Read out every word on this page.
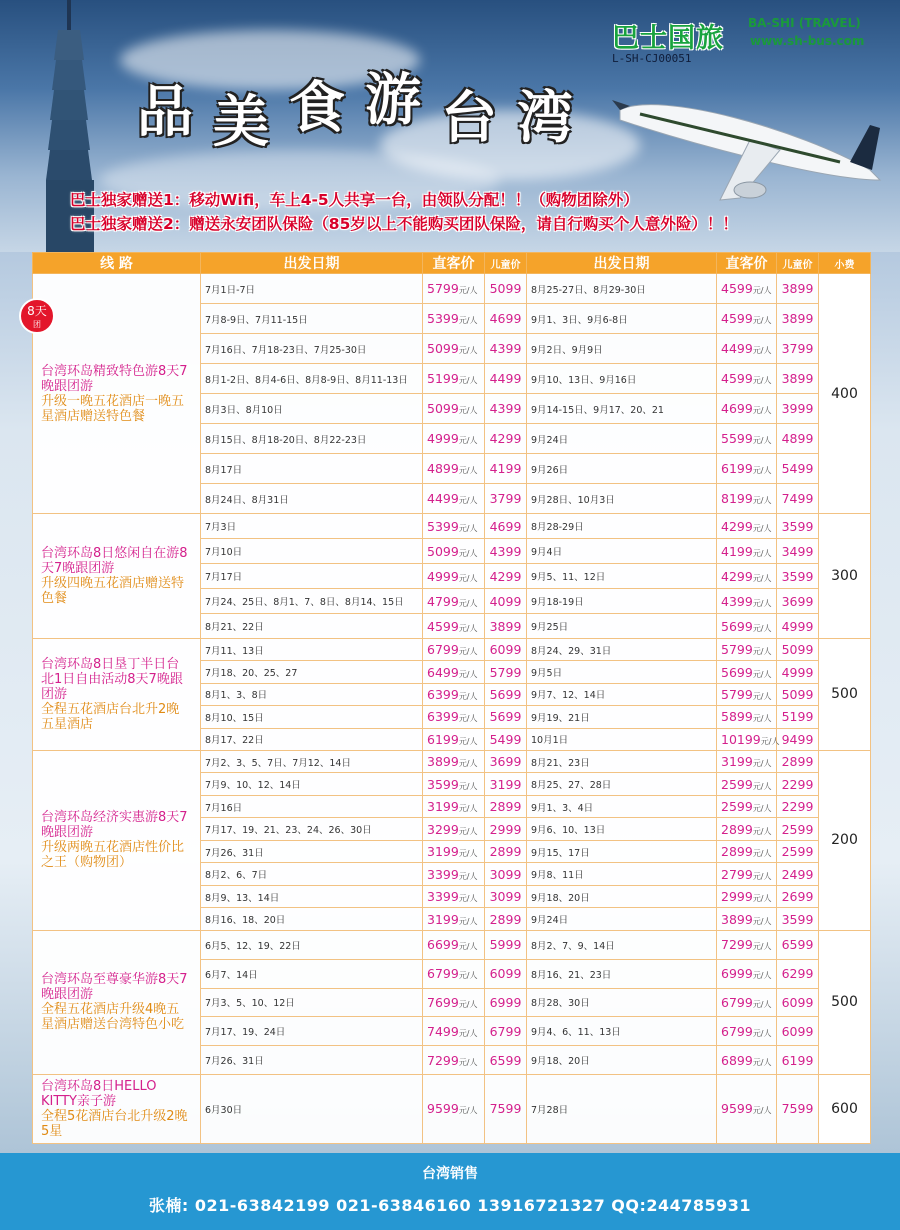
巴士国旅 BA-SHI (TRAVEL)
www.sh-bus.com
L-SH-CJ00051
品 美 食 游 台 湾
巴士独家赠送1：移动Wifi，车上4-5人共享一台，由领队分配！！（购物团除外）
巴士独家赠送2：赠送永安团队保险（85岁以上不能购买团队保险，请自行购买个人意外险）！！
线 路	出发日期	直客价	儿童价	出发日期	直客价	儿童价	小费

8天
团
台湾环岛精致特色游8天7晚跟团游
升级一晚五花酒店一晚五星酒店赠送特色餐	7月1日-7日	5799元/人	5099	8月25-27日、8月29-30日	4599元/人	3899	400
	7月8-9日、7月11-15日	5399元/人	4699	9月1、3日、9月6-8日	4599元/人	3899	
	7月16日、7月18-23日、7月25-30日	5099元/人	4399	9月2日、9月9日	4499元/人	3799	
	8月1-2日、8月4-6日、8月8-9日、8月11-13日	5199元/人	4499	9月10、13日、9月16日	4599元/人	3899	
	8月3日、8月10日	5099元/人	4399	9月14-15日、9月17、20、21	4699元/人	3999	
	8月15日、8月18-20日、8月22-23日	4999元/人	4299	9月24日	5599元/人	4899	
	8月17日	4899元/人	4199	9月26日	6199元/人	5499	
	8月24日、8月31日	4499元/人	3799	9月28日、10月3日	8199元/人	7499	

台湾环岛8日悠闲自在游8天7晚跟团游
升级四晚五花酒店赠送特色餐	7月3日	5399元/人	4699	8月28-29日	4299元/人	3599	300
	7月10日	5099元/人	4399	9月4日	4199元/人	3499	
	7月17日	4999元/人	4299	9月5、11、12日	4299元/人	3599	
	7月24、25日、8月1、7、8日、8月14、15日	4799元/人	4099	9月18-19日	4399元/人	3699	
	8月21、22日	4599元/人	3899	9月25日	5699元/人	4999	

台湾环岛8日垦丁半日台北1日自由活动8天7晚跟团游
全程五花酒店台北升2晚五星酒店	7月11、13日	6799元/人	6099	8月24、29、31日	5799元/人	5099	500
	7月18、20、25、27	6499元/人	5799	9月5日	5699元/人	4999	
	8月1、3、8日	6399元/人	5699	9月7、12、14日	5799元/人	5099	
	8月10、15日	6399元/人	5699	9月19、21日	5899元/人	5199	
	8月17、22日	6199元/人	5499	10月1日	10199元/人	9499	

台湾环岛经济实惠游8天7晚跟团游
升级两晚五花酒店性价比之王（购物团）	7月2、3、5、7日、7月12、14日	3899元/人	3699	8月21、23日	3199元/人	2899	200
	7月9、10、12、14日	3599元/人	3199	8月25、27、28日	2599元/人	2299	
	7月16日	3199元/人	2899	9月1、3、4日	2599元/人	2299	
	7月17、19、21、23、24、26、30日	3299元/人	2999	9月6、10、13日	2899元/人	2599	
	7月26、31日	3199元/人	2899	9月15、17日	2899元/人	2599	
	8月2、6、7日	3399元/人	3099	9月8、11日	2799元/人	2499	
	8月9、13、14日	3399元/人	3099	9月18、20日	2999元/人	2699	
	8月16、18、20日	3199元/人	2899	9月24日	3899元/人	3599	

台湾环岛至尊豪华游8天7晚跟团游
全程五花酒店升级4晚五星酒店赠送台湾特色小吃	6月5、12、19、22日	6699元/人	5999	8月2、7、9、14日	7299元/人	6599	500
	6月7、14日	6799元/人	6099	8月16、21、23日	6999元/人	6299	
	7月3、5、10、12日	7699元/人	6999	8月28、30日	6799元/人	6099	
	7月17、19、24日	7499元/人	6799	9月4、6、11、13日	6799元/人	6099	
	7月26、31日	7299元/人	6599	9月18、20日	6899元/人	6199	

台湾环岛8日HELLO KITTY亲子游
全程5花酒店台北升级2晚5星	6月30日	9599元/人	7599	7月28日	9599元/人	7599	600
台湾销售
张楠: 021-63842199 021-63846160 13916721327 QQ:244785931
